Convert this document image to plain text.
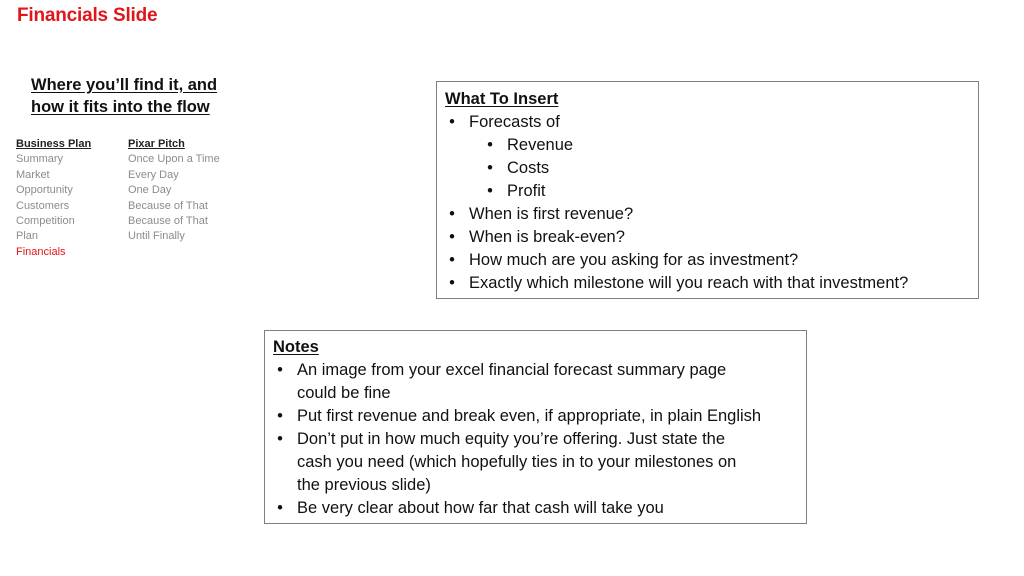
Financials Slide
Where you’ll find it, and
how it fits into the flow
Business Plan
Summary
Market
Opportunity
Customers
Competition
Plan
Financials
Pixar Pitch
Once Upon a Time
Every Day
One Day
Because of That
Because of That
Until Finally
What To Insert
• Forecasts of
• Revenue
• Costs
• Profit
• When is first revenue?
• When is break-even?
• How much are you asking for as investment?
• Exactly which milestone will you reach with that investment?
Notes
• An image from your excel financial forecast summary page
could be fine
• Put first revenue and break even, if appropriate, in plain English
• Don’t put in how much equity you’re offering. Just state the
cash you need (which hopefully ties in to your milestones on
the previous slide)
• Be very clear about how far that cash will take you
